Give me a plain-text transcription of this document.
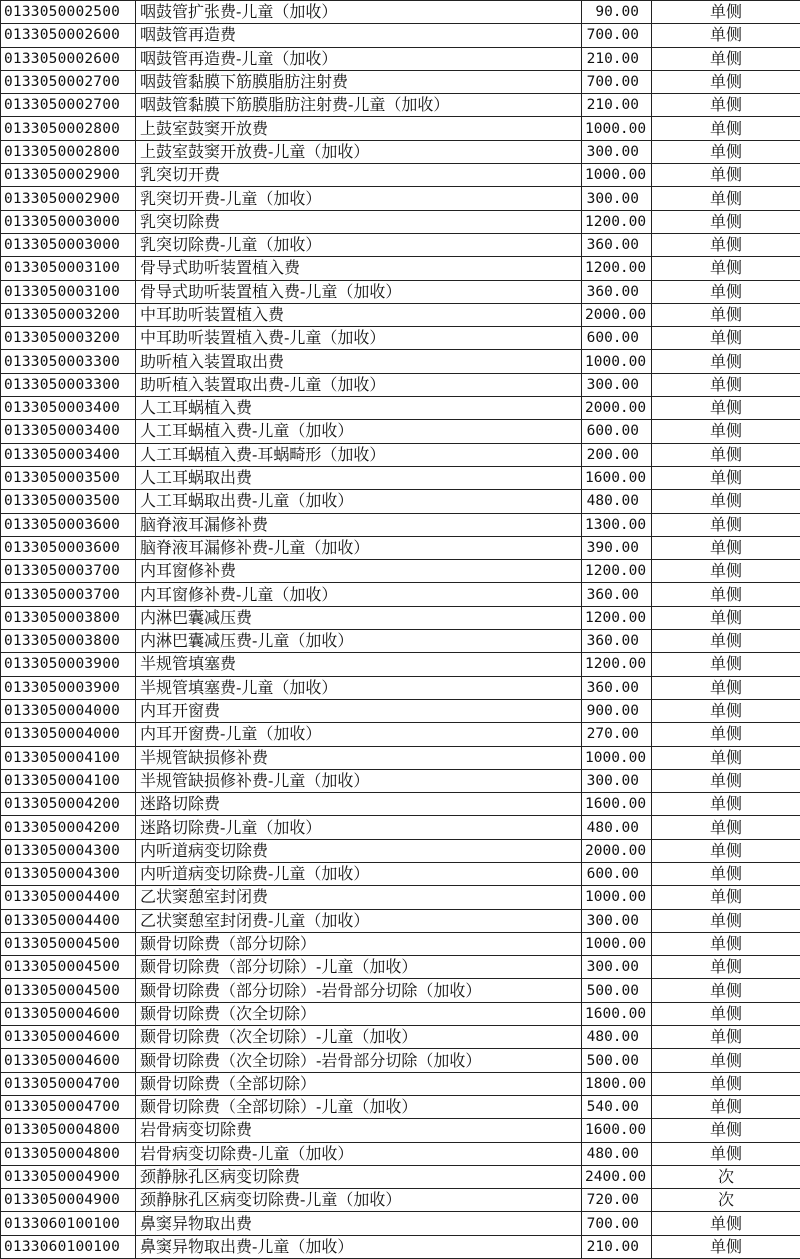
0133050002500	咽鼓管扩张费-儿童（加收）	90.00	单侧
0133050002600	咽鼓管再造费	700.00	单侧
0133050002600	咽鼓管再造费-儿童（加收）	210.00	单侧
0133050002700	咽鼓管黏膜下筋膜脂肪注射费	700.00	单侧
0133050002700	咽鼓管黏膜下筋膜脂肪注射费-儿童（加收）	210.00	单侧
0133050002800	上鼓室鼓窦开放费	1000.00	单侧
0133050002800	上鼓室鼓窦开放费-儿童（加收）	300.00	单侧
0133050002900	乳突切开费	1000.00	单侧
0133050002900	乳突切开费-儿童（加收）	300.00	单侧
0133050003000	乳突切除费	1200.00	单侧
0133050003000	乳突切除费-儿童（加收）	360.00	单侧
0133050003100	骨导式助听装置植入费	1200.00	单侧
0133050003100	骨导式助听装置植入费-儿童（加收）	360.00	单侧
0133050003200	中耳助听装置植入费	2000.00	单侧
0133050003200	中耳助听装置植入费-儿童（加收）	600.00	单侧
0133050003300	助听植入装置取出费	1000.00	单侧
0133050003300	助听植入装置取出费-儿童（加收）	300.00	单侧
0133050003400	人工耳蜗植入费	2000.00	单侧
0133050003400	人工耳蜗植入费-儿童（加收）	600.00	单侧
0133050003400	人工耳蜗植入费-耳蜗畸形（加收）	200.00	单侧
0133050003500	人工耳蜗取出费	1600.00	单侧
0133050003500	人工耳蜗取出费-儿童（加收）	480.00	单侧
0133050003600	脑脊液耳漏修补费	1300.00	单侧
0133050003600	脑脊液耳漏修补费-儿童（加收）	390.00	单侧
0133050003700	内耳窗修补费	1200.00	单侧
0133050003700	内耳窗修补费-儿童（加收）	360.00	单侧
0133050003800	内淋巴囊减压费	1200.00	单侧
0133050003800	内淋巴囊减压费-儿童（加收）	360.00	单侧
0133050003900	半规管填塞费	1200.00	单侧
0133050003900	半规管填塞费-儿童（加收）	360.00	单侧
0133050004000	内耳开窗费	900.00	单侧
0133050004000	内耳开窗费-儿童（加收）	270.00	单侧
0133050004100	半规管缺损修补费	1000.00	单侧
0133050004100	半规管缺损修补费-儿童（加收）	300.00	单侧
0133050004200	迷路切除费	1600.00	单侧
0133050004200	迷路切除费-儿童（加收）	480.00	单侧
0133050004300	内听道病变切除费	2000.00	单侧
0133050004300	内听道病变切除费-儿童（加收）	600.00	单侧
0133050004400	乙状窦憩室封闭费	1000.00	单侧
0133050004400	乙状窦憩室封闭费-儿童（加收）	300.00	单侧
0133050004500	颞骨切除费（部分切除）	1000.00	单侧
0133050004500	颞骨切除费（部分切除）-儿童（加收）	300.00	单侧
0133050004500	颞骨切除费（部分切除）-岩骨部分切除（加收）	500.00	单侧
0133050004600	颞骨切除费（次全切除）	1600.00	单侧
0133050004600	颞骨切除费（次全切除）-儿童（加收）	480.00	单侧
0133050004600	颞骨切除费（次全切除）-岩骨部分切除（加收）	500.00	单侧
0133050004700	颞骨切除费（全部切除）	1800.00	单侧
0133050004700	颞骨切除费（全部切除）-儿童（加收）	540.00	单侧
0133050004800	岩骨病变切除费	1600.00	单侧
0133050004800	岩骨病变切除费-儿童（加收）	480.00	单侧
0133050004900	颈静脉孔区病变切除费	2400.00	次
0133050004900	颈静脉孔区病变切除费-儿童（加收）	720.00	次
0133060100100	鼻窦异物取出费	700.00	单侧
0133060100100	鼻窦异物取出费-儿童（加收）	210.00	单侧
